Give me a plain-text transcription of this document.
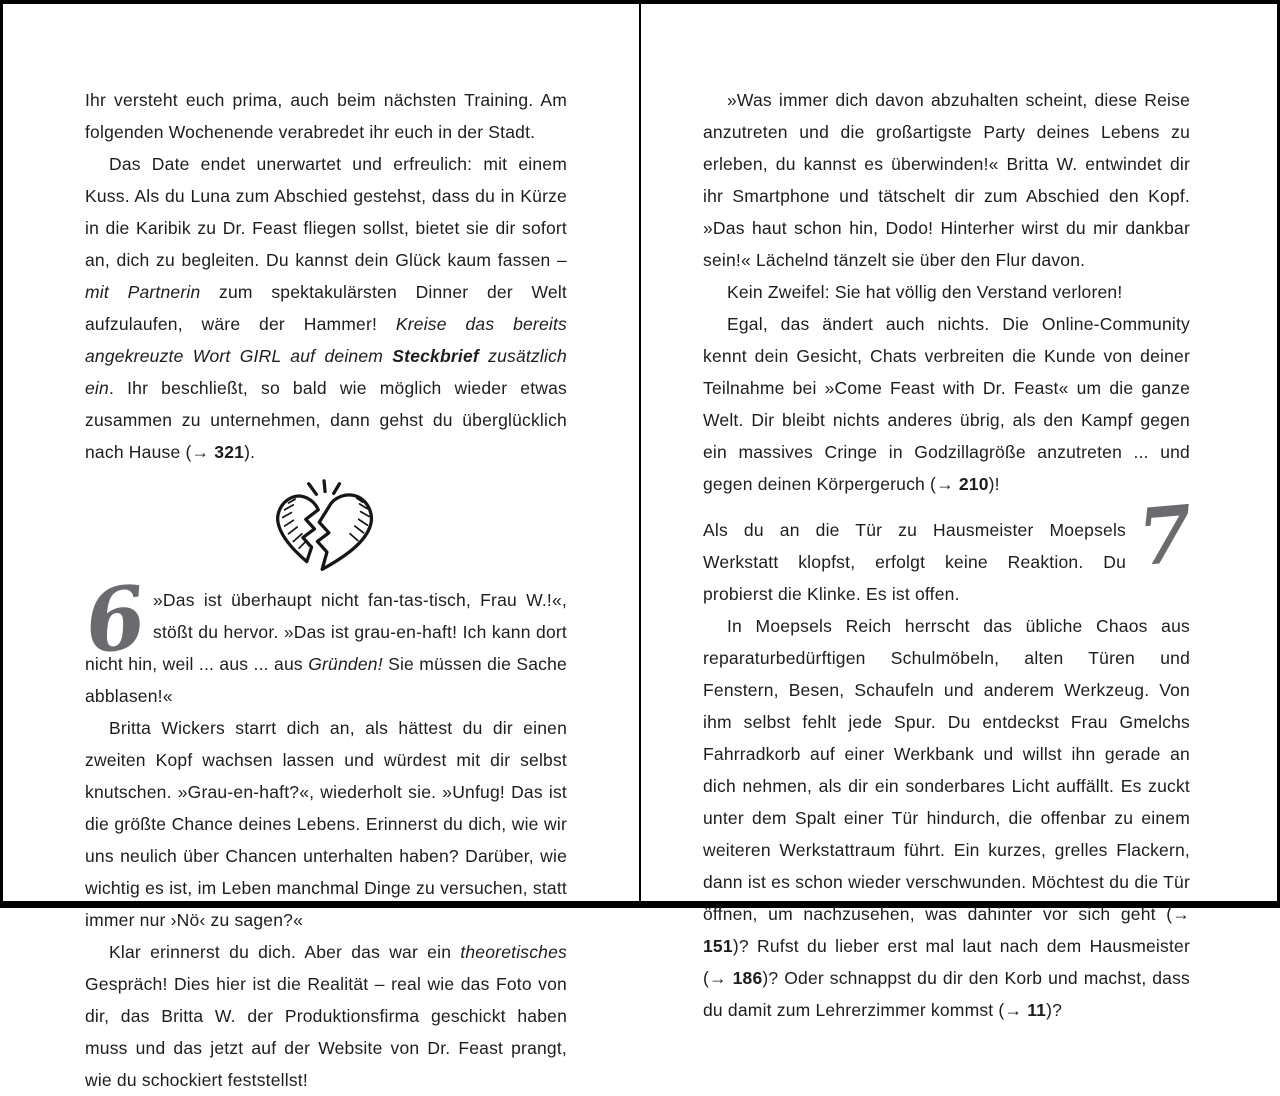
Ihr versteht euch prima, auch beim nächsten Training. Am folgenden Wochenende verabredet ihr euch in der Stadt.

Das Date endet unerwartet und erfreulich: mit einem Kuss. Als du Luna zum Abschied gestehst, dass du in Kürze in die Karibik zu Dr. Feast fliegen sollst, bietet sie dir sofort an, dich zu begleiten. Du kannst dein Glück kaum fassen – mit Partnerin zum spektakulärsten Dinner der Welt aufzulaufen, wäre der Hammer! Kreise das bereits angekreuzte Wort GIRL auf deinem Steckbrief zusätzlich ein. Ihr beschließt, so bald wie möglich wieder etwas zusammen zu unternehmen, dann gehst du überglücklich nach Hause (→ 321).

6 »Das ist überhaupt nicht fan-tas-tisch, Frau W.!«, stößt du hervor. »Das ist grau-en-haft! Ich kann dort nicht hin, weil ... aus ... aus Gründen! Sie müssen die Sache abblasen!«

Britta Wickers starrt dich an, als hättest du dir einen zweiten Kopf wachsen lassen und würdest mit dir selbst knutschen. »Grau-en-haft?«, wiederholt sie. »Unfug! Das ist die größte Chance deines Lebens. Erinnerst du dich, wie wir uns neulich über Chancen unterhalten haben? Darüber, wie wichtig es ist, im Leben manchmal Dinge zu versuchen, statt immer nur ›Nö‹ zu sagen?«

Klar erinnerst du dich. Aber das war ein theoretisches Gespräch! Dies hier ist die Realität – real wie das Foto von dir, das Britta W. der Produktionsfirma geschickt haben muss und das jetzt auf der Website von Dr. Feast prangt, wie du schockiert feststellst!

»Was immer dich davon abzuhalten scheint, diese Reise anzutreten und die großartigste Party deines Lebens zu erleben, du kannst es überwinden!« Britta W. entwindet dir ihr Smartphone und tätschelt dir zum Abschied den Kopf. »Das haut schon hin, Dodo! Hinterher wirst du mir dankbar sein!« Lächelnd tänzelt sie über den Flur davon.

Kein Zweifel: Sie hat völlig den Verstand verloren!

Egal, das ändert auch nichts. Die Online-Community kennt dein Gesicht, Chats verbreiten die Kunde von deiner Teilnahme bei »Come Feast with Dr. Feast« um die ganze Welt. Dir bleibt nichts anderes übrig, als den Kampf gegen ein massives Cringe in Godzillagröße anzutreten ... und gegen deinen Körpergeruch (→ 210)!

7

Als du an die Tür zu Hausmeister Moepsels Werkstatt klopfst, erfolgt keine Reaktion. Du probierst die Klinke. Es ist offen.

In Moepsels Reich herrscht das übliche Chaos aus reparaturbedürftigen Schulmöbeln, alten Türen und Fenstern, Besen, Schaufeln und anderem Werkzeug. Von ihm selbst fehlt jede Spur. Du entdeckst Frau Gmelchs Fahrradkorb auf einer Werkbank und willst ihn gerade an dich nehmen, als dir ein sonderbares Licht auffällt. Es zuckt unter dem Spalt einer Tür hindurch, die offenbar zu einem weiteren Werkstattraum führt. Ein kurzes, grelles Flackern, dann ist es schon wieder verschwunden. Möchtest du die Tür öffnen, um nachzusehen, was dahinter vor sich geht (→ 151)? Rufst du lieber erst mal laut nach dem Hausmeister (→ 186)? Oder schnappst du dir den Korb und machst, dass du damit zum Lehrerzimmer kommst (→ 11)?
